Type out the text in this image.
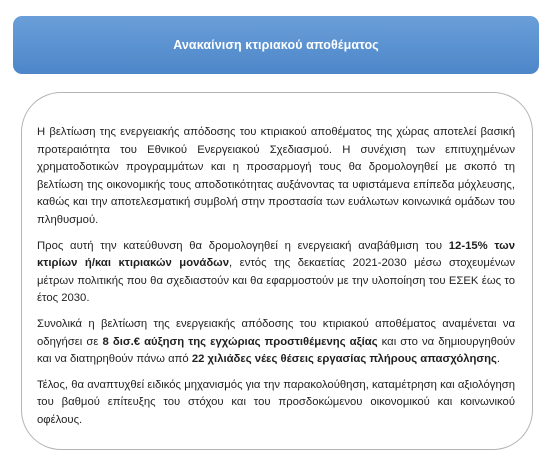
Ανακαίνιση κτιριακού αποθέματος

Η βελτίωση της ενεργειακής απόδοσης του κτιριακού αποθέματος της χώρας αποτελεί βασική προτεραιότητα του Εθνικού Ενεργειακού Σχεδιασμού. Η συνέχιση των επιτυχημένων χρηματοδοτικών προγραμμάτων και η προσαρμογή τους θα δρομολογηθεί με σκοπό τη βελτίωση της οικονομικής τους αποδοτικότητας αυξάνοντας τα υφιστάμενα επίπεδα μόχλευσης, καθώς και την αποτελεσματική συμβολή στην προστασία των ευάλωτων κοινωνικά ομάδων του πληθυσμού.

Προς αυτή την κατεύθυνση θα δρομολογηθεί η ενεργειακή αναβάθμιση του 12-15% των κτιρίων ή/και κτιριακών μονάδων, εντός της δεκαετίας 2021-2030 μέσω στοχευμένων μέτρων πολιτικής που θα σχεδιαστούν και θα εφαρμοστούν με την υλοποίηση του ΕΣΕΚ έως το έτος 2030.

Συνολικά η βελτίωση της ενεργειακής απόδοσης του κτιριακού αποθέματος αναμένεται να οδηγήσει σε 8 δισ.€ αύξηση της εγχώριας προστιθέμενης αξίας και στο να δημιουργηθούν και να διατηρηθούν πάνω από 22 χιλιάδες νέες θέσεις εργασίας πλήρους απασχόλησης.

Τέλος, θα αναπτυχθεί ειδικός μηχανισμός για την παρακολούθηση, καταμέτρηση και αξιολόγηση του βαθμού επίτευξης του στόχου και του προσδοκώμενου οικονομικού και κοινωνικού οφέλους.
